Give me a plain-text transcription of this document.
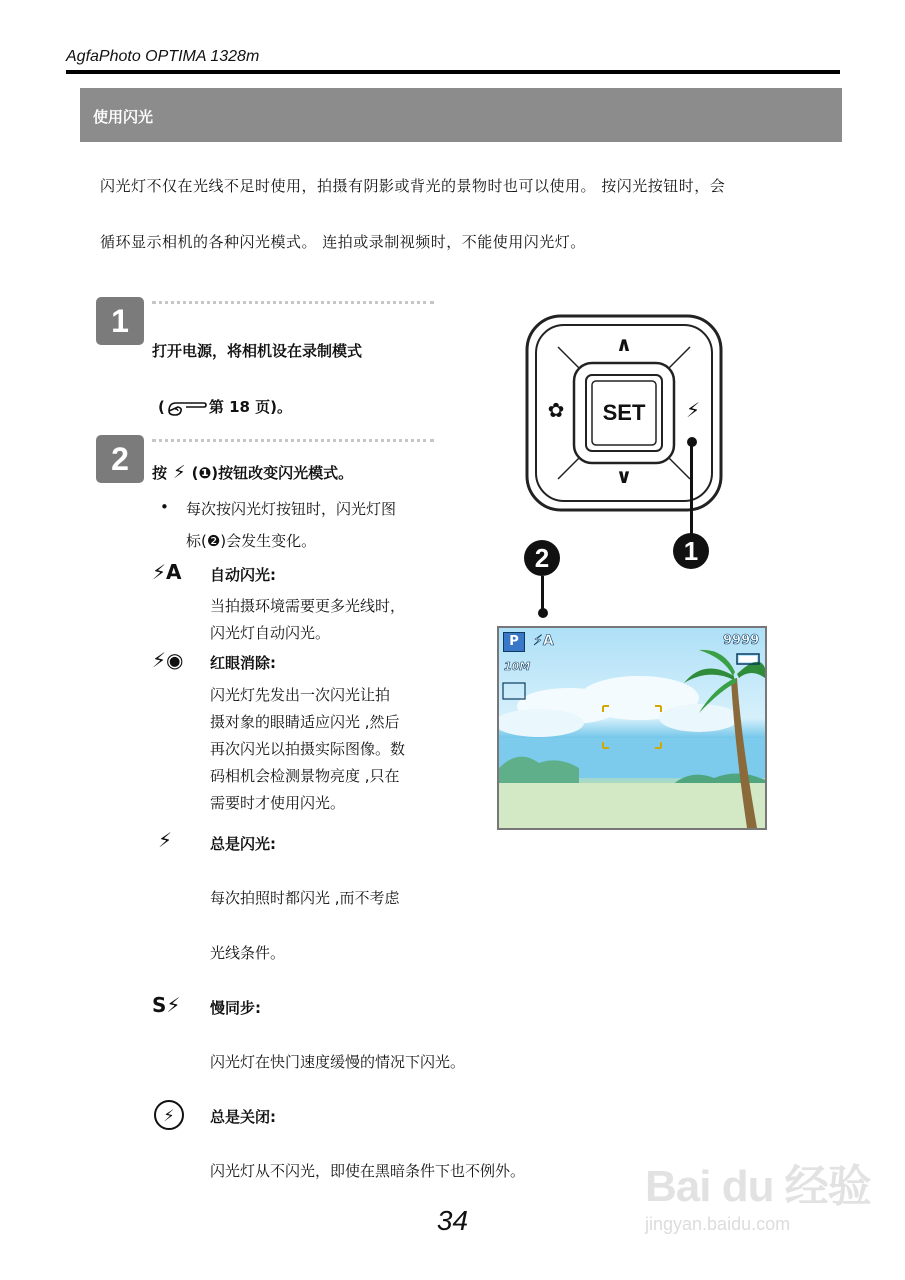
AgfaPhoto OPTIMA 1328m
使用闪光
闪光灯不仅在光线不足时使用，拍摄有阴影或背光的景物时也可以使用。 按闪光按钮时，会
循环显示相机的各种闪光模式。 连拍或录制视频时，不能使用闪光灯。
1
打开电源，将相机设在录制模式
(	第 18 页)。
2	按 ⚡ (❶)按钮改变闪光模式。
• 每次按闪光灯按钮时，闪光灯图
标(❷)会发生变化。
⚡A 自动闪光:
当拍摄环境需要更多光线时，
闪光灯自动闪光。
⚡◉ 红眼消除:
闪光灯先发出一次闪光让拍
摄对象的眼睛适应闪光 ,然后
再次闪光以拍摄实际图像。数
码相机会检测景物亮度 ,只在
需要时才使用闪光。
⚡	总是闪光:
每次拍照时都闪光 ,而不考虑
光线条件。
S⚡ 慢同步:
闪光灯在快门速度缓慢的情况下闪光。
⚡ 总是关闭:
闪光灯从不闪光，即使在黑暗条件下也不例外。
SET
∧
∨
✿	⚡
1
2
P	⚡A	9999
10M
34
Bai du 经验
jingyan.baidu.com
